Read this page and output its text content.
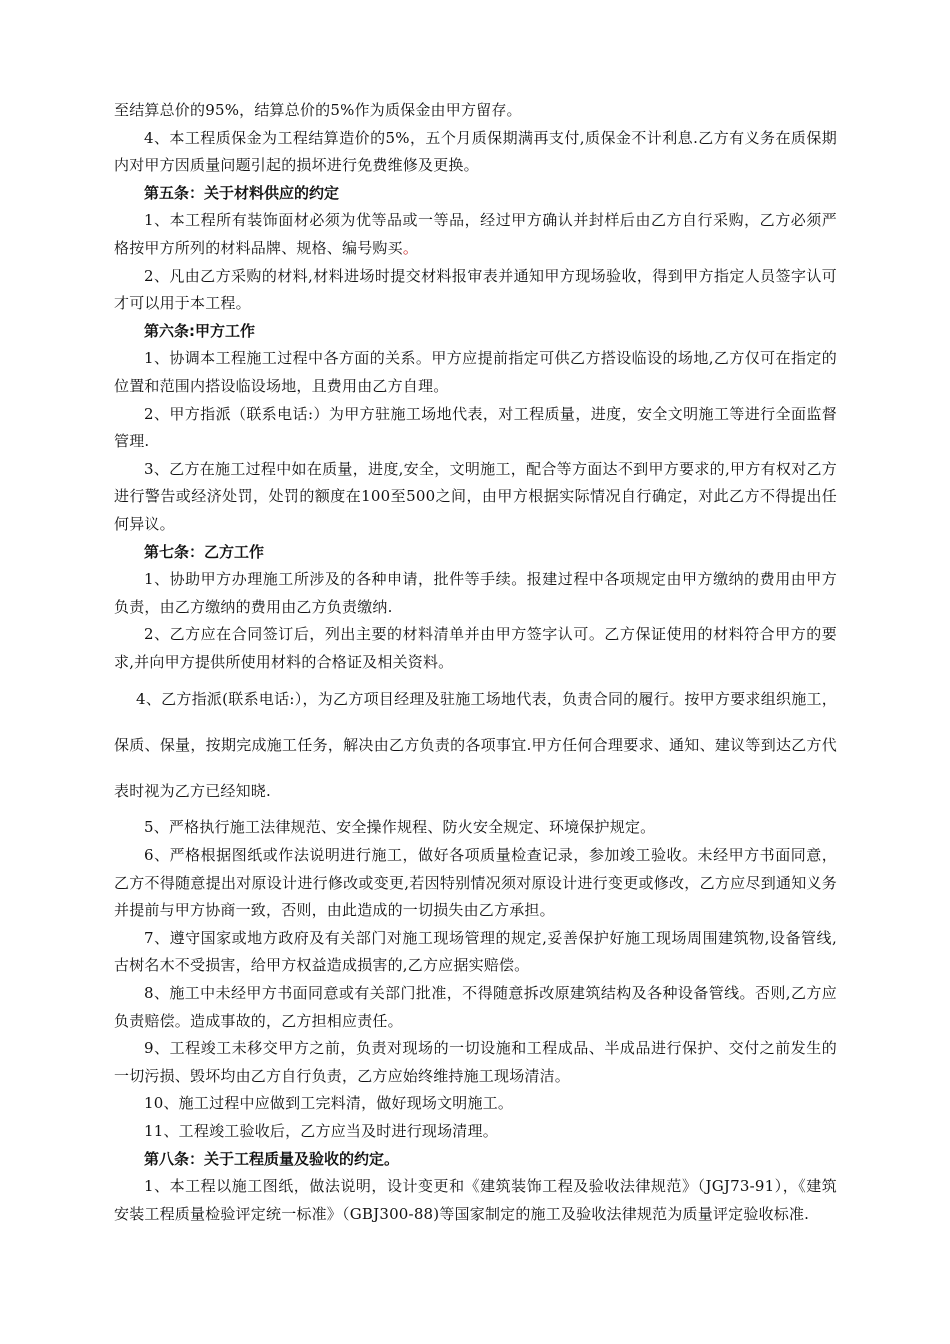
至结算总价的95%，结算总价的5%作为质保金由甲方留存。

4、本工程质保金为工程结算造价的5%，五个月质保期满再支付,质保金不计利息.乙方有义务在质保期内对甲方因质量问题引起的损坏进行免费维修及更换。

第五条：关于材料供应的约定

1、本工程所有装饰面材必须为优等品或一等品，经过甲方确认并封样后由乙方自行采购，乙方必须严格按甲方所列的材料品牌、规格、编号购买。

2、凡由乙方采购的材料,材料进场时提交材料报审表并通知甲方现场验收，得到甲方指定人员签字认可才可以用于本工程。

第六条:甲方工作

1、协调本工程施工过程中各方面的关系。甲方应提前指定可供乙方搭设临设的场地,乙方仅可在指定的位置和范围内搭设临设场地，且费用由乙方自理。

2、甲方指派（联系电话:）为甲方驻施工场地代表，对工程质量，进度，安全文明施工等进行全面监督管理.

3、乙方在施工过程中如在质量，进度,安全，文明施工，配合等方面达不到甲方要求的,甲方有权对乙方进行警告或经济处罚，处罚的额度在100至500之间，由甲方根据实际情况自行确定，对此乙方不得提出任何异议。

第七条：乙方工作

1、协助甲方办理施工所涉及的各种申请，批件等手续。报建过程中各项规定由甲方缴纳的费用由甲方负责，由乙方缴纳的费用由乙方负责缴纳.

2、乙方应在合同签订后，列出主要的材料清单并由甲方签字认可。乙方保证使用的材料符合甲方的要求,并向甲方提供所使用材料的合格证及相关资料。

4、乙方指派(联系电话:），为乙方项目经理及驻施工场地代表，负责合同的履行。按甲方要求组织施工，保质、保量，按期完成施工任务，解决由乙方负责的各项事宜.甲方任何合理要求、通知、建议等到达乙方代表时视为乙方已经知晓.

5、严格执行施工法律规范、安全操作规程、防火安全规定、环境保护规定。

6、严格根据图纸或作法说明进行施工，做好各项质量检查记录，参加竣工验收。未经甲方书面同意，乙方不得随意提出对原设计进行修改或变更,若因特别情况须对原设计进行变更或修改，乙方应尽到通知义务并提前与甲方协商一致，否则，由此造成的一切损失由乙方承担。

7、遵守国家或地方政府及有关部门对施工现场管理的规定,妥善保护好施工现场周围建筑物,设备管线,古树名木不受损害，给甲方权益造成损害的,乙方应据实赔偿。

8、施工中未经甲方书面同意或有关部门批准，不得随意拆改原建筑结构及各种设备管线。否则,乙方应负责赔偿。造成事故的，乙方担相应责任。

9、工程竣工未移交甲方之前，负责对现场的一切设施和工程成品、半成品进行保护、交付之前发生的一切污损、毁坏均由乙方自行负责，乙方应始终维持施工现场清洁。

10、施工过程中应做到工完料清，做好现场文明施工。

11、工程竣工验收后，乙方应当及时进行现场清理。

第八条：关于工程质量及验收的约定。

1、本工程以施工图纸，做法说明，设计变更和《建筑装饰工程及验收法律规范》（JGJ73-91），《建筑安装工程质量检验评定统一标准》（GBJ300-88)等国家制定的施工及验收法律规范为质量评定验收标准.
